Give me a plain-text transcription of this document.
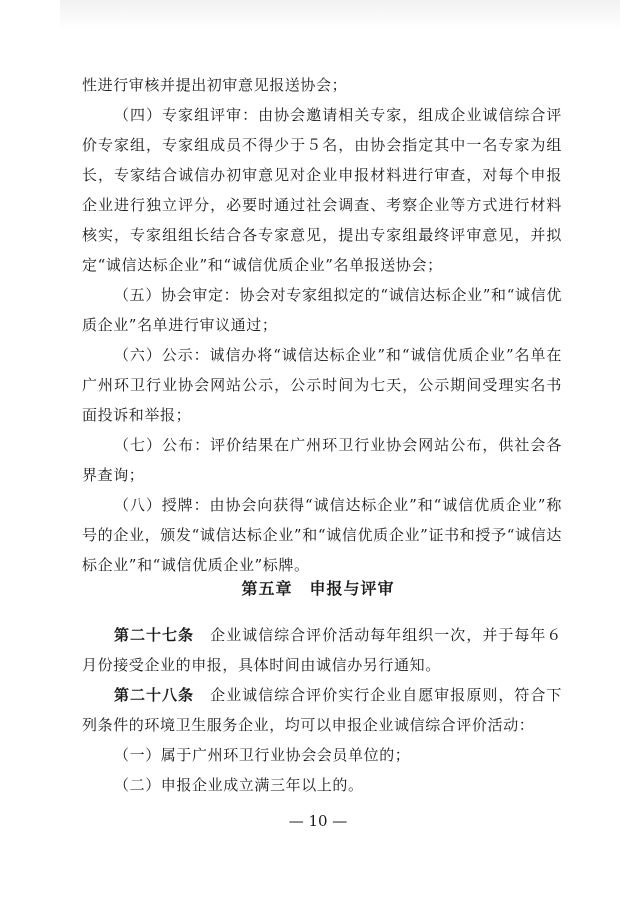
性进行审核并提出初审意见报送协会；

（四）专家组评审：由协会邀请相关专家，组成企业诚信综合评价专家组，专家组成员不得少于５名，由协会指定其中一名专家为组长，专家结合诚信办初审意见对企业申报材料进行审查，对每个申报企业进行独立评分，必要时通过社会调查、考察企业等方式进行材料核实，专家组组长结合各专家意见，提出专家组最终评审意见，并拟定“诚信达标企业”和“诚信优质企业”名单报送协会；

（五）协会审定：协会对专家组拟定的“诚信达标企业”和“诚信优质企业”名单进行审议通过；

（六）公示：诚信办将“诚信达标企业”和“诚信优质企业”名单在广州环卫行业协会网站公示，公示时间为七天，公示期间受理实名书面投诉和举报；

（七）公布：评价结果在广州环卫行业协会网站公布，供社会各界查询；

（八）授牌：由协会向获得“诚信达标企业”和“诚信优质企业”称号的企业，颁发“诚信达标企业”和“诚信优质企业”证书和授予“诚信达标企业”和“诚信优质企业”标牌。

第五章　申报与评审

第二十七条　企业诚信综合评价活动每年组织一次，并于每年６月份接受企业的申报，具体时间由诚信办另行通知。

第二十八条　企业诚信综合评价实行企业自愿审报原则，符合下列条件的环境卫生服务企业，均可以申报企业诚信综合评价活动：

（一）属于广州环卫行业协会会员单位的；

（二）申报企业成立满三年以上的。

— 10 —
